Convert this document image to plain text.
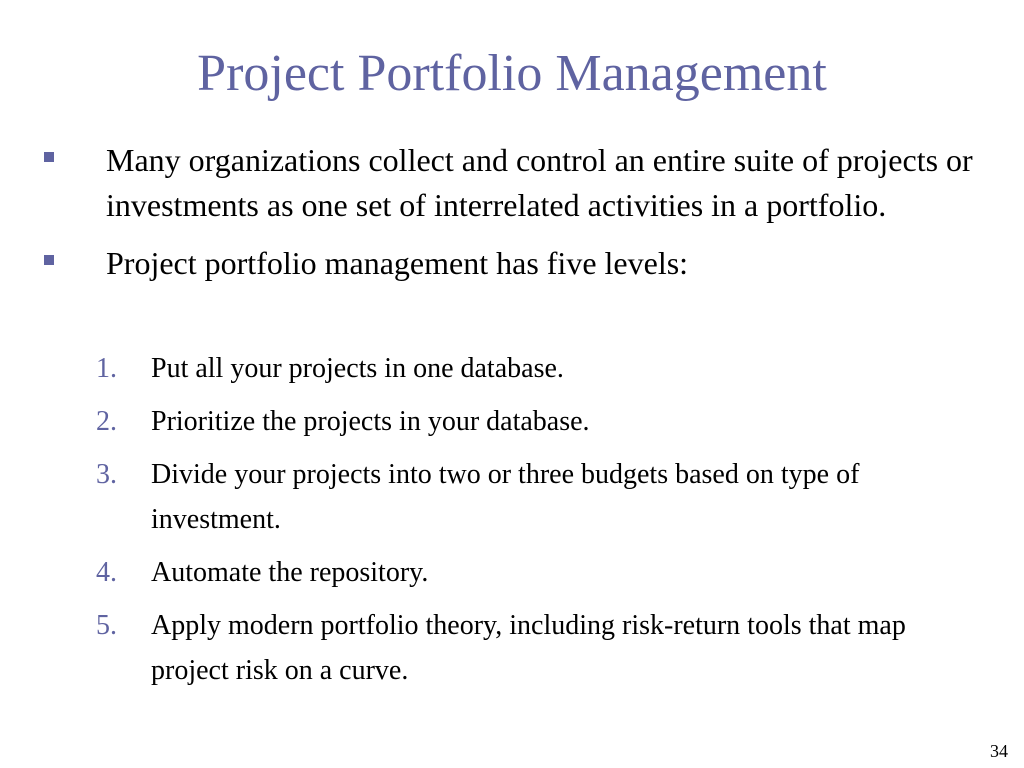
Project Portfolio Management
Many organizations collect and control an entire suite of projects or investments as one set of interrelated activities in a portfolio.
Project portfolio management has five levels:
1. Put all your projects in one database.
2. Prioritize the projects in your database.
3. Divide your projects into two or three budgets based on type of investment.
4. Automate the repository.
5. Apply modern portfolio theory, including risk-return tools that map project risk on a curve.
34
